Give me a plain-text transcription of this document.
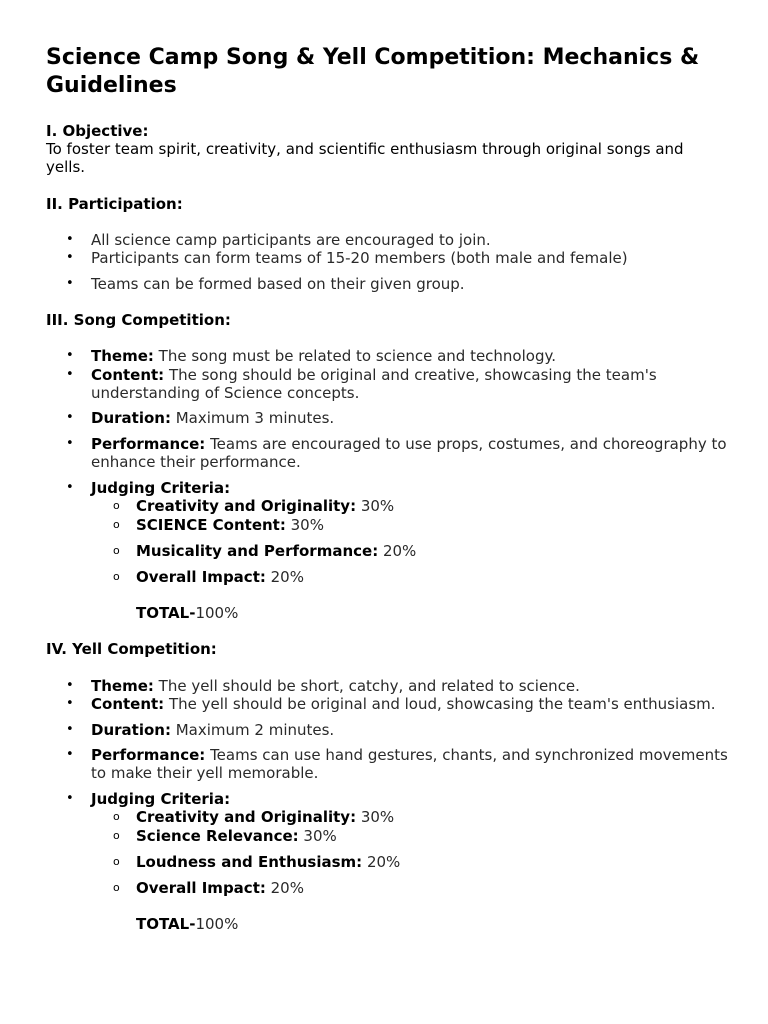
Science Camp Song & Yell Competition: Mechanics & Guidelines
I. Objective:
To foster team spirit, creativity, and scientific enthusiasm through original songs and yells.
II. Participation:
• All science camp participants are encouraged to join.
• Participants can form teams of 15-20 members (both male and female)
• Teams can be formed based on their given group.
III. Song Competition:
• Theme: The song must be related to science and technology.
• Content: The song should be original and creative, showcasing the team's understanding of Science concepts.
• Duration: Maximum 3 minutes.
• Performance: Teams are encouraged to use props, costumes, and choreography to enhance their performance.
• Judging Criteria:
o Creativity and Originality: 30%
o SCIENCE Content: 30%
o Musicality and Performance: 20%
o Overall Impact: 20%
TOTAL-100%
IV. Yell Competition:
• Theme: The yell should be short, catchy, and related to science.
• Content: The yell should be original and loud, showcasing the team's enthusiasm.
• Duration: Maximum 2 minutes.
• Performance: Teams can use hand gestures, chants, and synchronized movements to make their yell memorable.
• Judging Criteria:
o Creativity and Originality: 30%
o Science Relevance: 30%
o Loudness and Enthusiasm: 20%
o Overall Impact: 20%
TOTAL-100%
